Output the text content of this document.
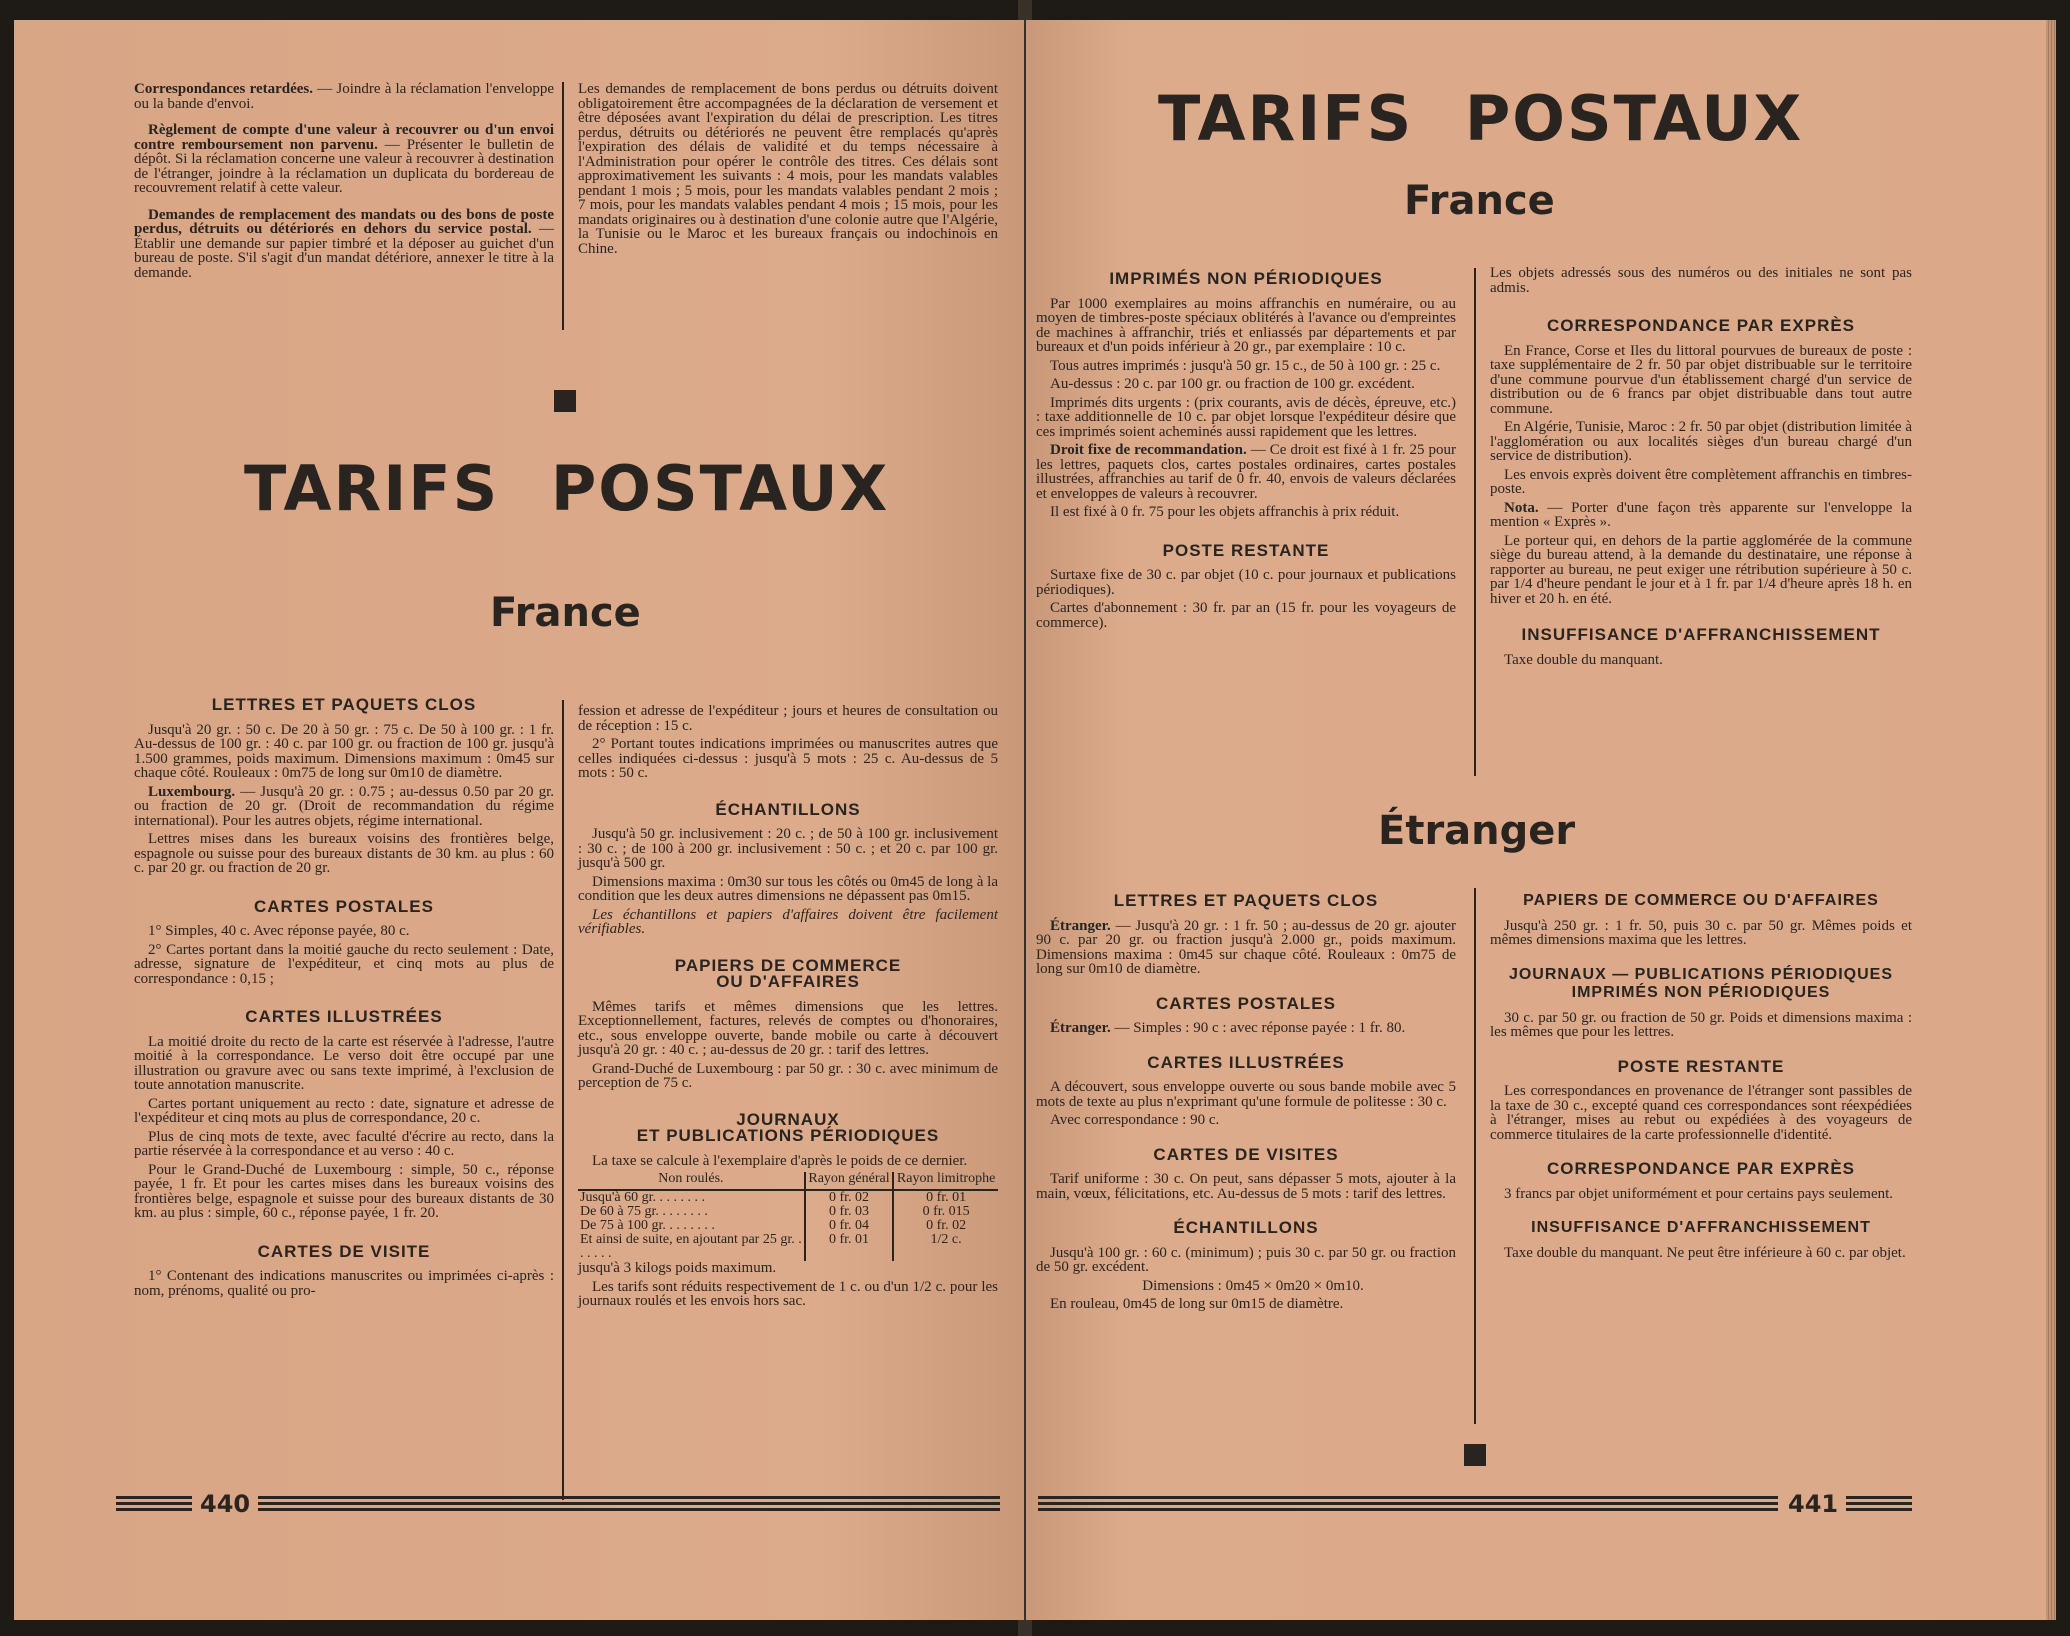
Correspondances retardées. — Joindre à la réclamation l'enveloppe ou la bande d'envoi.

Règlement de compte d'une valeur à recouvrer ou d'un envoi contre remboursement non parvenu. — Présenter le bulletin de dépôt. Si la réclamation concerne une valeur à recouvrer à destination de l'étranger, joindre à la réclamation un duplicata du bordereau de recouvrement relatif à cette valeur.

Demandes de remplacement des mandats ou des bons de poste perdus, détruits ou détériorés en dehors du service postal. — Établir une demande sur papier timbré et la déposer au guichet d'un bureau de poste. S'il s'agit d'un mandat détériore, annexer le titre à la demande.

Les demandes de remplacement de bons perdus ou détruits doivent obligatoirement être accompagnées de la déclaration de versement et être déposées avant l'expiration du délai de prescription. Les titres perdus, détruits ou détériorés ne peuvent être remplacés qu'après l'expiration des délais de validité et du temps nécessaire à l'Administration pour opérer le contrôle des titres. Ces délais sont approximativement les suivants : 4 mois, pour les mandats valables pendant 1 mois ; 5 mois, pour les mandats valables pendant 2 mois ; 7 mois, pour les mandats valables pendant 4 mois ; 15 mois, pour les mandats originaires ou à destination d'une colonie autre que l'Algérie, la Tunisie ou le Maroc et les bureaux français ou indochinois en Chine.

TARIFS POSTAUX
France
LETTRES ET PAQUETS CLOS

Jusqu'à 20 gr. : 50 c. De 20 à 50 gr. : 75 c. De 50 à 100 gr. : 1 fr. Au-dessus de 100 gr. : 40 c. par 100 gr. ou fraction de 100 gr. jusqu'à 1.500 grammes, poids maximum. Dimensions maximum : 0m45 sur chaque côté. Rouleaux : 0m75 de long sur 0m10 de diamètre.

Luxembourg. — Jusqu'à 20 gr. : 0.75 ; au-dessus 0.50 par 20 gr. ou fraction de 20 gr. (Droit de recommandation du régime international). Pour les autres objets, régime international.

Lettres mises dans les bureaux voisins des frontières belge, espagnole ou suisse pour des bureaux distants de 30 km. au plus : 60 c. par 20 gr. ou fraction de 20 gr.

CARTES POSTALES

1° Simples, 40 c. Avec réponse payée, 80 c.

2° Cartes portant dans la moitié gauche du recto seulement : Date, adresse, signature de l'expéditeur, et cinq mots au plus de correspondance : 0,15 ;

CARTES ILLUSTRÉES

La moitié droite du recto de la carte est réservée à l'adresse, l'autre moitié à la correspondance. Le verso doit être occupé par une illustration ou gravure avec ou sans texte imprimé, à l'exclusion de toute annotation manuscrite.

Cartes portant uniquement au recto : date, signature et adresse de l'expéditeur et cinq mots au plus de correspondance, 20 c.

Plus de cinq mots de texte, avec faculté d'écrire au recto, dans la partie réservée à la correspondance et au verso : 40 c.

Pour le Grand-Duché de Luxembourg : simple, 50 c., réponse payée, 1 fr. Et pour les cartes mises dans les bureaux voisins des frontières belge, espagnole et suisse pour des bureaux distants de 30 km. au plus : simple, 60 c., réponse payée, 1 fr. 20.

CARTES DE VISITE

1° Contenant des indications manuscrites ou imprimées ci-après : nom, prénoms, qualité ou pro-

fession et adresse de l'expéditeur ; jours et heures de consultation ou de réception : 15 c.

2° Portant toutes indications imprimées ou manuscrites autres que celles indiquées ci-dessus : jusqu'à 5 mots : 25 c. Au-dessus de 5 mots : 50 c.

ÉCHANTILLONS

Jusqu'à 50 gr. inclusivement : 20 c. ; de 50 à 100 gr. inclusivement : 30 c. ; de 100 à 200 gr. inclusivement : 50 c. ; et 20 c. par 100 gr. jusqu'à 500 gr.

Dimensions maxima : 0m30 sur tous les côtés ou 0m45 de long à la condition que les deux autres dimensions ne dépassent pas 0m15.

Les échantillons et papiers d'affaires doivent être facilement vérifiables.

PAPIERS DE COMMERCE
OU D'AFFAIRES

Mêmes tarifs et mêmes dimensions que les lettres. Exceptionnellement, factures, relevés de comptes ou d'honoraires, etc., sous enveloppe ouverte, bande mobile ou carte à découvert jusqu'à 20 gr. : 40 c. ; au-dessus de 20 gr. : tarif des lettres.

Grand-Duché de Luxembourg : par 50 gr. : 30 c. avec minimum de perception de 75 c.

JOURNAUX
ET PUBLICATIONS PÉRIODIQUES

La taxe se calcule à l'exemplaire d'après le poids de ce dernier.

Non roulés.	Rayon général	Rayon limitrophe
Jusqu'à 60 gr. . . . . . . .	0 fr. 02	0 fr. 01
De 60 à 75 gr. . . . . . . .	0 fr. 03	0 fr. 015
De 75 à 100 gr. . . . . . . .	0 fr. 04	0 fr. 02
Et ainsi de suite, en ajoutant par 25 gr. . . . . . .	0 fr. 01	1/2 c.

jusqu'à 3 kilogs poids maximum.

Les tarifs sont réduits respectivement de 1 c. ou d'un 1/2 c. pour les journaux roulés et les envois hors sac.

440
TARIFS POSTAUX
France
IMPRIMÉS NON PÉRIODIQUES

Par 1000 exemplaires au moins affranchis en numéraire, ou au moyen de timbres-poste spéciaux oblitérés à l'avance ou d'empreintes de machines à affranchir, triés et enliassés par départements et par bureaux et d'un poids inférieur à 20 gr., par exemplaire : 10 c.

Tous autres imprimés : jusqu'à 50 gr. 15 c., de 50 à 100 gr. : 25 c.

Au-dessus : 20 c. par 100 gr. ou fraction de 100 gr. excédent.

Imprimés dits urgents : (prix courants, avis de décès, épreuve, etc.) : taxe additionnelle de 10 c. par objet lorsque l'expéditeur désire que ces imprimés soient acheminés aussi rapidement que les lettres.

Droit fixe de recommandation. — Ce droit est fixé à 1 fr. 25 pour les lettres, paquets clos, cartes postales ordinaires, cartes postales illustrées, affranchies au tarif de 0 fr. 40, envois de valeurs déclarées et enveloppes de valeurs à recouvrer.

Il est fixé à 0 fr. 75 pour les objets affranchis à prix réduit.

POSTE RESTANTE

Surtaxe fixe de 30 c. par objet (10 c. pour journaux et publications périodiques).

Cartes d'abonnement : 30 fr. par an (15 fr. pour les voyageurs de commerce).

Les objets adressés sous des numéros ou des initiales ne sont pas admis.

CORRESPONDANCE PAR EXPRÈS

En France, Corse et Iles du littoral pourvues de bureaux de poste : taxe supplémentaire de 2 fr. 50 par objet distribuable sur le territoire d'une commune pourvue d'un établissement chargé d'un service de distribution ou de 6 francs par objet distribuable dans tout autre commune.

En Algérie, Tunisie, Maroc : 2 fr. 50 par objet (distribution limitée à l'agglomération ou aux localités sièges d'un bureau chargé d'un service de distribution).

Les envois exprès doivent être complètement affranchis en timbres-poste.

Nota. — Porter d'une façon très apparente sur l'enveloppe la mention « Exprès ».

Le porteur qui, en dehors de la partie agglomérée de la commune siège du bureau attend, à la demande du destinataire, une réponse à rapporter au bureau, ne peut exiger une rétribution supérieure à 50 c. par 1/4 d'heure pendant le jour et à 1 fr. par 1/4 d'heure après 18 h. en hiver et 20 h. en été.

INSUFFISANCE D'AFFRANCHISSEMENT

Taxe double du manquant.

Étranger
LETTRES ET PAQUETS CLOS

Étranger. — Jusqu'à 20 gr. : 1 fr. 50 ; au-dessus de 20 gr. ajouter 90 c. par 20 gr. ou fraction jusqu'à 2.000 gr., poids maximum. Dimensions maxima : 0m45 sur chaque côté. Rouleaux : 0m75 de long sur 0m10 de diamètre.

CARTES POSTALES

Étranger. — Simples : 90 c : avec réponse payée : 1 fr. 80.

CARTES ILLUSTRÉES

A découvert, sous enveloppe ouverte ou sous bande mobile avec 5 mots de texte au plus n'exprimant qu'une formule de politesse : 30 c.

Avec correspondance : 90 c.

CARTES DE VISITES

Tarif uniforme : 30 c. On peut, sans dépasser 5 mots, ajouter à la main, vœux, félicitations, etc. Au-dessus de 5 mots : tarif des lettres.

ÉCHANTILLONS

Jusqu'à 100 gr. : 60 c. (minimum) ; puis 30 c. par 50 gr. ou fraction de 50 gr. excédent.

Dimensions : 0m45 × 0m20 × 0m10.

En rouleau, 0m45 de long sur 0m15 de diamètre.

PAPIERS DE COMMERCE OU D'AFFAIRES

Jusqu'à 250 gr. : 1 fr. 50, puis 30 c. par 50 gr. Mêmes poids et mêmes dimensions maxima que les lettres.

JOURNAUX — PUBLICATIONS PÉRIODIQUES
IMPRIMÉS NON PÉRIODIQUES

30 c. par 50 gr. ou fraction de 50 gr. Poids et dimensions maxima : les mêmes que pour les lettres.

POSTE RESTANTE

Les correspondances en provenance de l'étranger sont passibles de la taxe de 30 c., excepté quand ces correspondances sont réexpédiées à l'étranger, mises au rebut ou expédiées à des voyageurs de commerce titulaires de la carte professionnelle d'identité.

CORRESPONDANCE PAR EXPRÈS

3 francs par objet uniformément et pour certains pays seulement.

INSUFFISANCE D'AFFRANCHISSEMENT

Taxe double du manquant. Ne peut être inférieure à 60 c. par objet.

441
